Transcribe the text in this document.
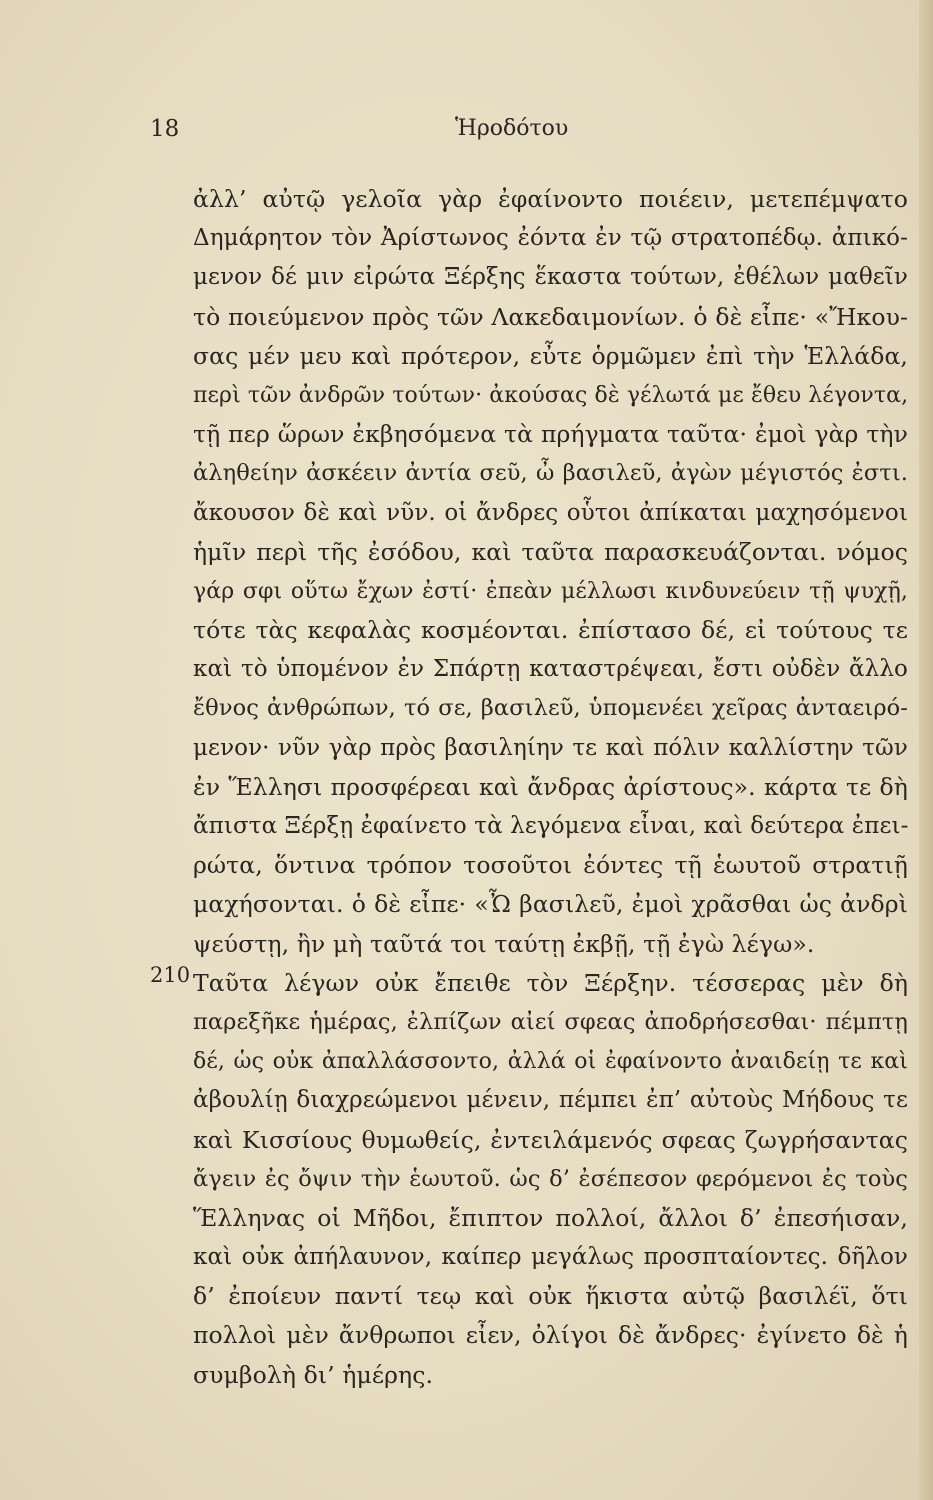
18	Ἡροδότου
210
ἀλλ’ αὐτῷ γελοῖα γὰρ ἐφαίνοντο ποιέειν, μετεπέμψατο
Δημάρητον τὸν Ἀρίστωνος ἐόντα ἐν τῷ στρατοπέδῳ. ἀπικό-
μενον δέ μιν εἰρώτα Ξέρξης ἕκαστα τούτων, ἐθέλων μαθεῖν
τὸ ποιεύμενον πρὸς τῶν Λακεδαιμονίων. ὁ δὲ εἶπε· «Ἤκου-
σας μέν μευ καὶ πρότερον, εὖτε ὁρμῶμεν ἐπὶ τὴν Ἑλλάδα,
περὶ τῶν ἀνδρῶν τούτων· ἀκούσας δὲ γέλωτά με ἔθευ λέγοντα,
τῇ περ ὥρων ἐκβησόμενα τὰ πρήγματα ταῦτα· ἐμοὶ γὰρ τὴν
ἀληθείην ἀσκέειν ἀντία σεῦ, ὦ βασιλεῦ, ἀγὼν μέγιστός ἐστι.
ἄκουσον δὲ καὶ νῦν. οἱ ἄνδρες οὗτοι ἀπίκαται μαχησόμενοι
ἡμῖν περὶ τῆς ἐσόδου, καὶ ταῦτα παρασκευάζονται. νόμος
γάρ σφι οὕτω ἔχων ἐστί· ἐπεὰν μέλλωσι κινδυνεύειν τῇ ψυχῇ,
τότε τὰς κεφαλὰς κοσμέονται. ἐπίστασο δέ, εἰ τούτους τε
καὶ τὸ ὑπομένον ἐν Σπάρτῃ καταστρέψεαι, ἔστι οὐδὲν ἄλλο
ἔθνος ἀνθρώπων, τό σε, βασιλεῦ, ὑπομενέει χεῖρας ἀνταειρό-
μενον· νῦν γὰρ πρὸς βασιληίην τε καὶ πόλιν καλλίστην τῶν
ἐν Ἕλλησι προσφέρεαι καὶ ἄνδρας ἀρίστους». κάρτα τε δὴ
ἄπιστα Ξέρξῃ ἐφαίνετο τὰ λεγόμενα εἶναι, καὶ δεύτερα ἐπει-
ρώτα, ὅντινα τρόπον τοσοῦτοι ἐόντες τῇ ἑωυτοῦ στρατιῇ
μαχήσονται. ὁ δὲ εἶπε· «Ὦ βασιλεῦ, ἐμοὶ χρᾶσθαι ὡς ἀνδρὶ
ψεύστῃ, ἢν μὴ ταῦτά τοι ταύτῃ ἐκβῇ, τῇ ἐγὼ λέγω».
Ταῦτα λέγων οὐκ ἔπειθε τὸν Ξέρξην. τέσσερας μὲν δὴ
παρεξῆκε ἡμέρας, ἐλπίζων αἰεί σφεας ἀποδρήσεσθαι· πέμπτῃ
δέ, ὡς οὐκ ἀπαλλάσσοντο, ἀλλά οἱ ἐφαίνοντο ἀναιδείῃ τε καὶ
ἀβουλίῃ διαχρεώμενοι μένειν, πέμπει ἐπ’ αὐτοὺς Μήδους τε
καὶ Κισσίους θυμωθείς, ἐντειλάμενός σφεας ζωγρήσαντας
ἄγειν ἐς ὄψιν τὴν ἑωυτοῦ. ὡς δ’ ἐσέπεσον φερόμενοι ἐς τοὺς
Ἕλληνας οἱ Μῆδοι, ἔπιπτον πολλοί, ἄλλοι δ’ ἐπεσήισαν,
καὶ οὐκ ἀπήλαυνον, καίπερ μεγάλως προσπταίοντες. δῆλον
δ’ ἐποίευν παντί τεῳ καὶ οὐκ ἥκιστα αὐτῷ βασιλέϊ, ὅτι
πολλοὶ μὲν ἄνθρωποι εἶεν, ὀλίγοι δὲ ἄνδρες· ἐγίνετο δὲ ἡ
συμβολὴ δι’ ἡμέρης.
